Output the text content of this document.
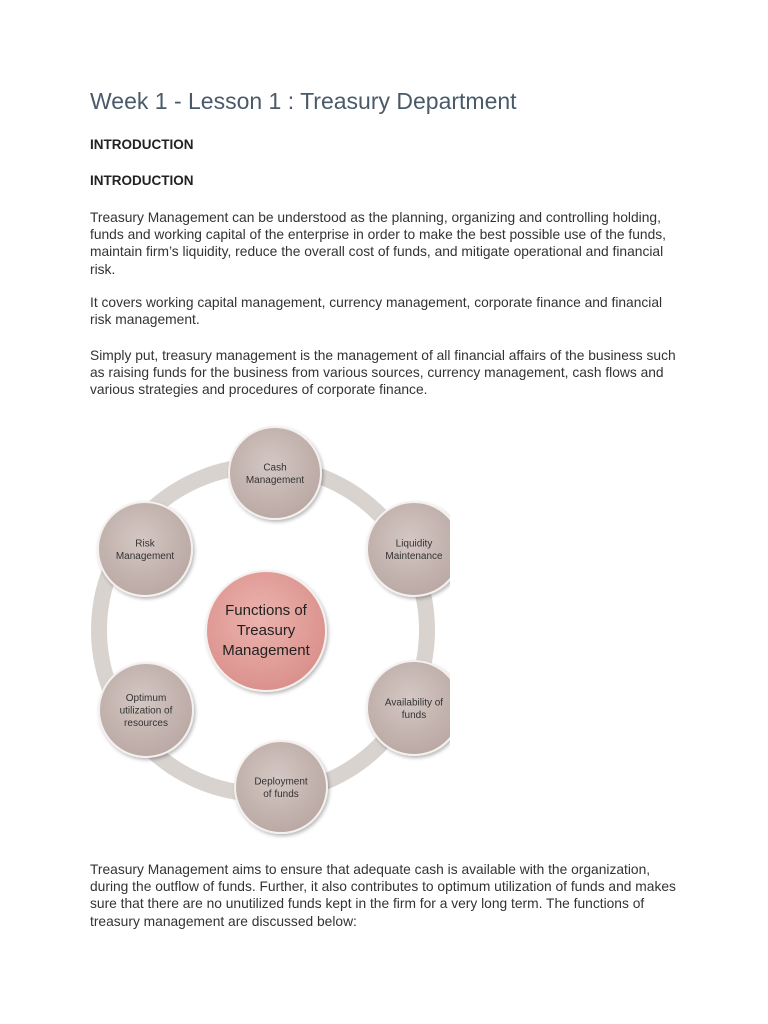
Week 1 - Lesson 1 : Treasury Department
INTRODUCTION
INTRODUCTION

Treasury Management can be understood as the planning, organizing and controlling holding, funds and working capital of the enterprise in order to make the best possible use of the funds, maintain firm’s liquidity, reduce the overall cost of funds, and mitigate operational and financial risk.

It covers working capital management, currency management, corporate finance and financial risk management.

Simply put, treasury management is the management of all financial affairs of the business such as raising funds for the business from various sources, currency management, cash flows and various strategies and procedures of corporate finance.

Functions of
Treasury
Management
Cash
Management
Liquidity
Maintenance
Availability of
funds
Deployment
of funds
Optimum
utilization of
resources
Risk
Management

Treasury Management aims to ensure that adequate cash is available with the organization, during the outflow of funds. Further, it also contributes to optimum utilization of funds and makes sure that there are no unutilized funds kept in the firm for a very long term. The functions of treasury management are discussed below:
